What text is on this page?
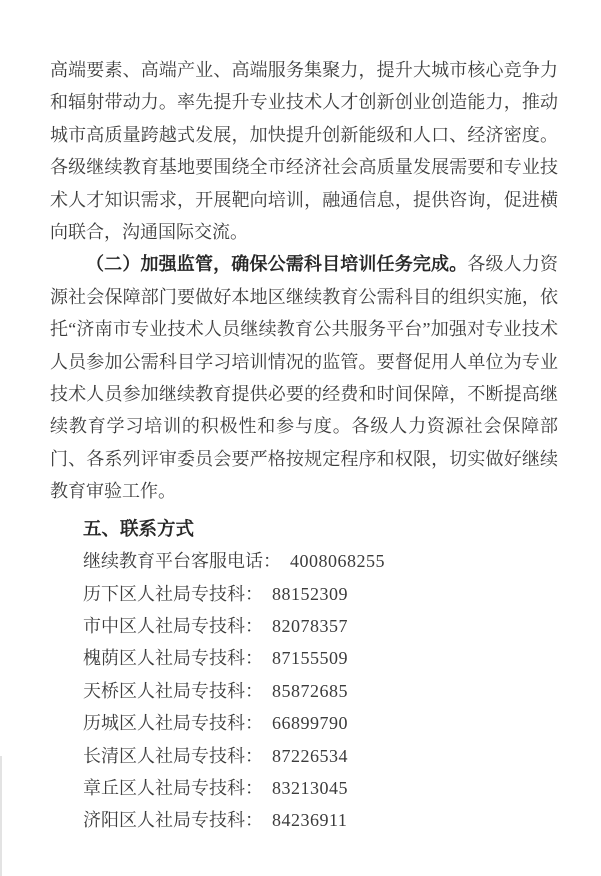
高端要素、高端产业、高端服务集聚力，提升大城市核心竞争力和辐射带动力。率先提升专业技术人才创新创业创造能力，推动城市高质量跨越式发展，加快提升创新能级和人口、经济密度。各级继续教育基地要围绕全市经济社会高质量发展需要和专业技术人才知识需求，开展靶向培训，融通信息，提供咨询，促进横向联合，沟通国际交流。

（二）加强监管，确保公需科目培训任务完成。各级人力资源社会保障部门要做好本地区继续教育公需科目的组织实施，依托“济南市专业技术人员继续教育公共服务平台”加强对专业技术人员参加公需科目学习培训情况的监管。要督促用人单位为专业技术人员参加继续教育提供必要的经费和时间保障，不断提高继续教育学习培训的积极性和参与度。各级人力资源社会保障部门、各系列评审委员会要严格按规定程序和权限，切实做好继续教育审验工作。

五、联系方式
继续教育平台客服电话： 4008068255
历下区人社局专技科： 88152309
市中区人社局专技科： 82078357
槐荫区人社局专技科： 87155509
天桥区人社局专技科： 85872685
历城区人社局专技科： 66899790
长清区人社局专技科： 87226534
章丘区人社局专技科： 83213045
济阳区人社局专技科： 84236911
